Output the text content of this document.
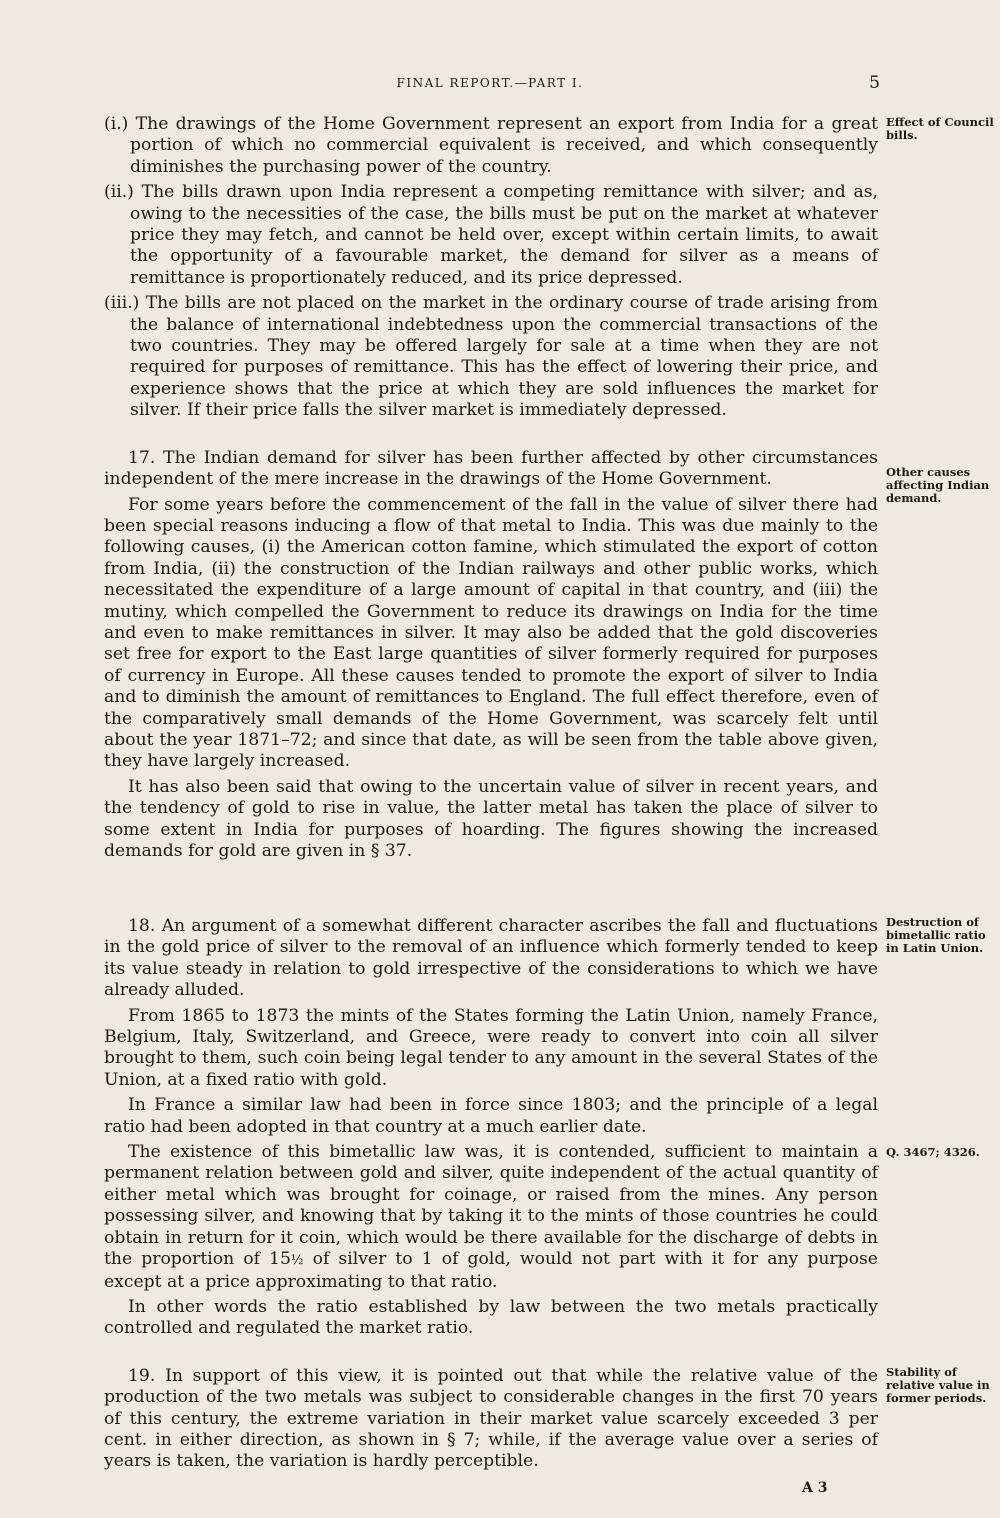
FINAL REPORT.—PART I.	5

(i.) The drawings of the Home Government represent an export from India for a great portion of which no commercial equivalent is received, and which consequently diminishes the purchasing power of the country.

(ii.) The bills drawn upon India represent a competing remittance with silver; and as, owing to the necessities of the case, the bills must be put on the market at whatever price they may fetch, and cannot be held over, except within certain limits, to await the opportunity of a favourable market, the demand for silver as a means of remittance is proportionately reduced, and its price depressed.

(iii.) The bills are not placed on the market in the ordinary course of trade arising from the balance of international indebtedness upon the commercial transactions of the two countries. They may be offered largely for sale at a time when they are not required for purposes of remittance. This has the effect of lowering their price, and experience shows that the price at which they are sold influences the market for silver. If their price falls the silver market is immediately depressed.

17. The Indian demand for silver has been further affected by other circumstances independent of the mere increase in the drawings of the Home Government.

For some years before the commencement of the fall in the value of silver there had been special reasons inducing a flow of that metal to India. This was due mainly to the following causes, (i) the American cotton famine, which stimulated the export of cotton from India, (ii) the construction of the Indian railways and other public works, which necessitated the expenditure of a large amount of capital in that country, and (iii) the mutiny, which compelled the Government to reduce its drawings on India for the time and even to make remittances in silver. It may also be added that the gold discoveries set free for export to the East large quantities of silver formerly required for purposes of currency in Europe. All these causes tended to promote the export of silver to India and to diminish the amount of remittances to England. The full effect therefore, even of the comparatively small demands of the Home Government, was scarcely felt until about the year 1871–72; and since that date, as will be seen from the table above given, they have largely increased.

It has also been said that owing to the uncertain value of silver in recent years, and the tendency of gold to rise in value, the latter metal has taken the place of silver to some extent in India for purposes of hoarding. The figures showing the increased demands for gold are given in § 37.

18. An argument of a somewhat different character ascribes the fall and fluctuations in the gold price of silver to the removal of an influence which formerly tended to keep its value steady in relation to gold irrespective of the considerations to which we have already alluded.

From 1865 to 1873 the mints of the States forming the Latin Union, namely France, Belgium, Italy, Switzerland, and Greece, were ready to convert into coin all silver brought to them, such coin being legal tender to any amount in the several States of the Union, at a fixed ratio with gold.

In France a similar law had been in force since 1803; and the principle of a legal ratio had been adopted in that country at a much earlier date.

The existence of this bimetallic law was, it is contended, sufficient to maintain a permanent relation between gold and silver, quite independent of the actual quantity of either metal which was brought for coinage, or raised from the mines. Any person possessing silver, and knowing that by taking it to the mints of those countries he could obtain in return for it coin, which would be there available for the discharge of debts in the proportion of 15½ of silver to 1 of gold, would not part with it for any purpose except at a price approximating to that ratio.

In other words the ratio established by law between the two metals practically controlled and regulated the market ratio.

19. In support of this view, it is pointed out that while the relative value of the production of the two metals was subject to considerable changes in the first 70 years of this century, the extreme variation in their market value scarcely exceeded 3 per cent. in either direction, as shown in § 7; while, if the average value over a series of years is taken, the variation is hardly perceptible.

Effect of Council bills.
Other causes affecting Indian demand.
Destruction of bimetallic ratio in Latin Union.
Q. 3467; 4326.
Stability of relative value in former periods.
A 3
